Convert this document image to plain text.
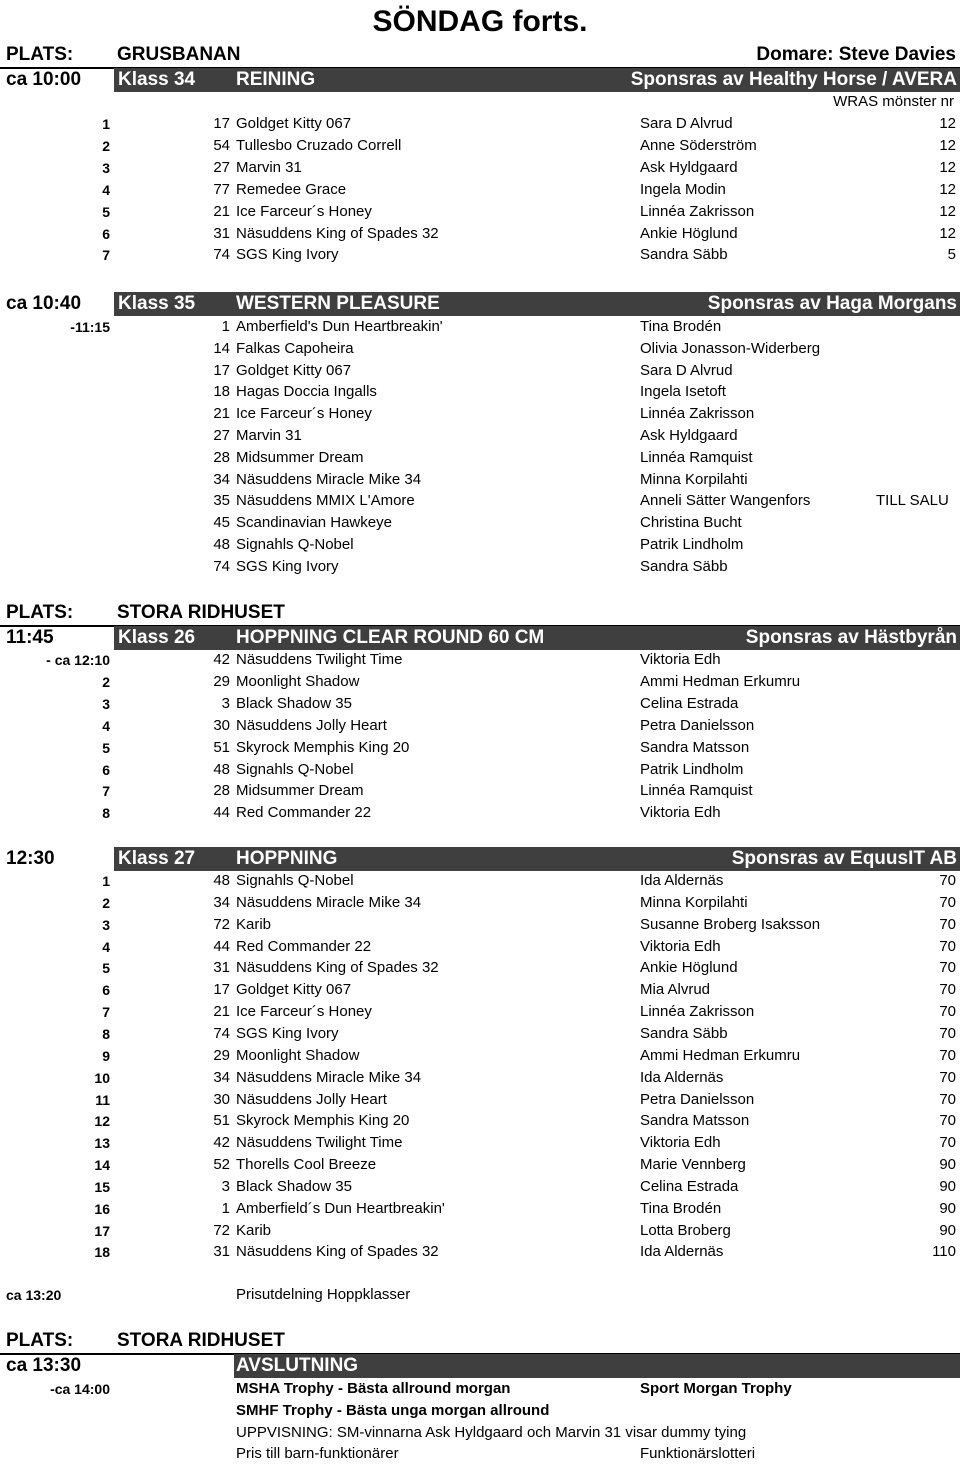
SÖNDAG forts.
PLATS: GRUSBANAN	Domare: Steve Davies
ca 10:00 Klass 34 REINING	Sponsras av Healthy Horse / AVERA
WRAS mönster nr
1	17 Goldget Kitty 067	Sara D Alvrud	12
2	54 Tullesbo Cruzado Correll	Anne Söderström	12
3	27 Marvin 31	Ask Hyldgaard	12
4	77 Remedee Grace	Ingela Modin	12
5	21 Ice Farceur´s Honey	Linnéa Zakrisson	12
6	31 Näsuddens King of Spades 32	Ankie Höglund	12
7	74 SGS King Ivory	Sandra Säbb	5
ca 10:40 Klass 35 WESTERN PLEASURE	Sponsras av Haga Morgans
-11:15	1 Amberfield's Dun Heartbreakin'	Tina Brodén
14 Falkas Capoheira	Olivia Jonasson-Widerberg
17 Goldget Kitty 067	Sara D Alvrud
18 Hagas Doccia Ingalls	Ingela Isetoft
21 Ice Farceur´s Honey	Linnéa Zakrisson
27 Marvin 31	Ask Hyldgaard
28 Midsummer Dream	Linnéa Ramquist
34 Näsuddens Miracle Mike 34	Minna Korpilahti
35 Näsuddens MMIX L'Amore	Anneli Sätter Wangenfors	TILL SALU
45 Scandinavian Hawkeye	Christina Bucht
48 Signahls Q-Nobel	Patrik Lindholm
74 SGS King Ivory	Sandra Säbb
PLATS: STORA RIDHUSET
11:45	Klass 26 HOPPNING CLEAR ROUND 60 CM	Sponsras av Hästbyrån
- ca 12:10	42 Näsuddens Twilight Time	Viktoria Edh
2	29 Moonlight Shadow	Ammi Hedman Erkumru
3	3 Black Shadow 35	Celina Estrada
4	30 Näsuddens Jolly Heart	Petra Danielsson
5	51 Skyrock Memphis King 20	Sandra Matsson
6	48 Signahls Q-Nobel	Patrik Lindholm
7	28 Midsummer Dream	Linnéa Ramquist
8	44 Red Commander 22	Viktoria Edh
12:30	Klass 27 HOPPNING	Sponsras av EquusIT AB
1	48 Signahls Q-Nobel	Ida Aldernäs	70
2	34 Näsuddens Miracle Mike 34	Minna Korpilahti	70
3	72 Karib	Susanne Broberg Isaksson	70
4	44 Red Commander 22	Viktoria Edh	70
5	31 Näsuddens King of Spades 32	Ankie Höglund	70
6	17 Goldget Kitty 067	Mia Alvrud	70
7	21 Ice Farceur´s Honey	Linnéa Zakrisson	70
8	74 SGS King Ivory	Sandra Säbb	70
9	29 Moonlight Shadow	Ammi Hedman Erkumru	70
10	34 Näsuddens Miracle Mike 34	Ida Aldernäs	70
11	30 Näsuddens Jolly Heart	Petra Danielsson	70
12	51 Skyrock Memphis King 20	Sandra Matsson	70
13	42 Näsuddens Twilight Time	Viktoria Edh	70
14	52 Thorells Cool Breeze	Marie Vennberg	90
15	3 Black Shadow 35	Celina Estrada	90
16	1 Amberfield´s Dun Heartbreakin'	Tina Brodén	90
17	72 Karib	Lotta Broberg	90
18	31 Näsuddens King of Spades 32	Ida Aldernäs	110
ca 13:20	Prisutdelning Hoppklasser
PLATS: STORA RIDHUSET
ca 13:30	AVSLUTNING
-ca 14:00	MSHA Trophy - Bästa allround morgan	Sport Morgan Trophy
SMHF Trophy - Bästa unga morgan allround
UPPVISNING: SM-vinnarna Ask Hyldgaard och Marvin 31 visar dummy tying
Pris till barn-funktionärer	Funktionärslotteri
